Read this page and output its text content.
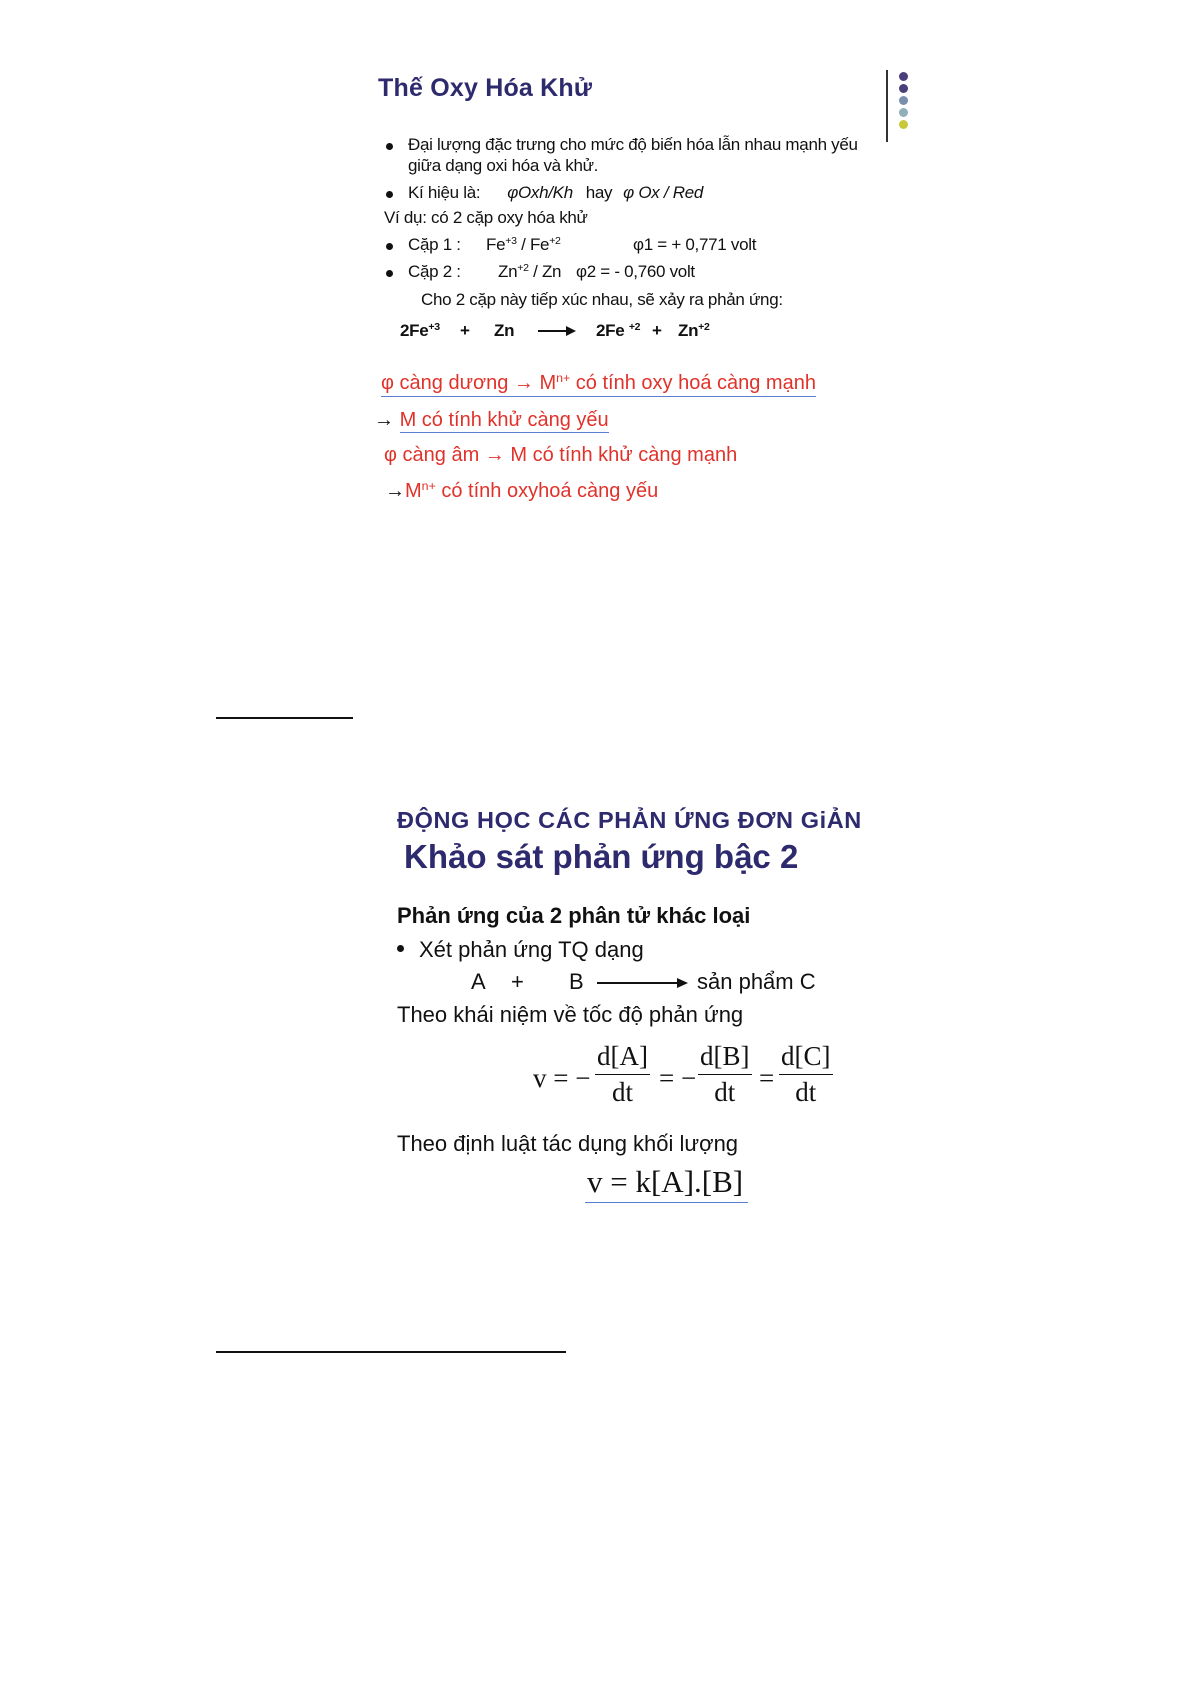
Thế Oxy Hóa Khử
Đại lượng đặc trưng cho mức độ biến hóa lẫn nhau mạnh yếu
giữa dạng oxi hóa và khử.
Kí hiệu là: φOxh/Kh hay φ Ox / Red
Ví dụ: có 2 cặp oxy hóa khử
Cặp 1 : $Fe^{+3} / Fe^{+2}$	φ1 = + 0,771 volt
Cặp 2 : $Zn^{+2}$ / Zn φ2 = - 0,760 volt
Cho 2 cặp này tiếp xúc nhau, sẽ xảy ra phản ứng:
$2Fe^{+3} + Zn$	2Fe $^{+2} + Zn^{+2}$
φ càng dương → $M^{n+}$ có tính oxy hoá càng mạnh
→ M có tính khử càng yếu
φ càng âm → M có tính khử càng mạnh
$\to M^{n+}$ có tính oxyhoá càng yếu
ĐỘNG HỌC CÁC PHẢN ỨNG ĐƠN GiẢN
Khảo sát phản ứng bậc 2
Phản ứng của 2 phân tử khác loại
Xét phản ứng TQ dạng
A + B	sản phẩm C
Theo khái niệm về tốc độ phản ứng
v = − $\frac{d[A]}{dt}$ = − $\frac{d[B]}{dt} = \frac{d[C]}{dt}$
Theo định luật tác dụng khối lượng
v = k[A].[B]
